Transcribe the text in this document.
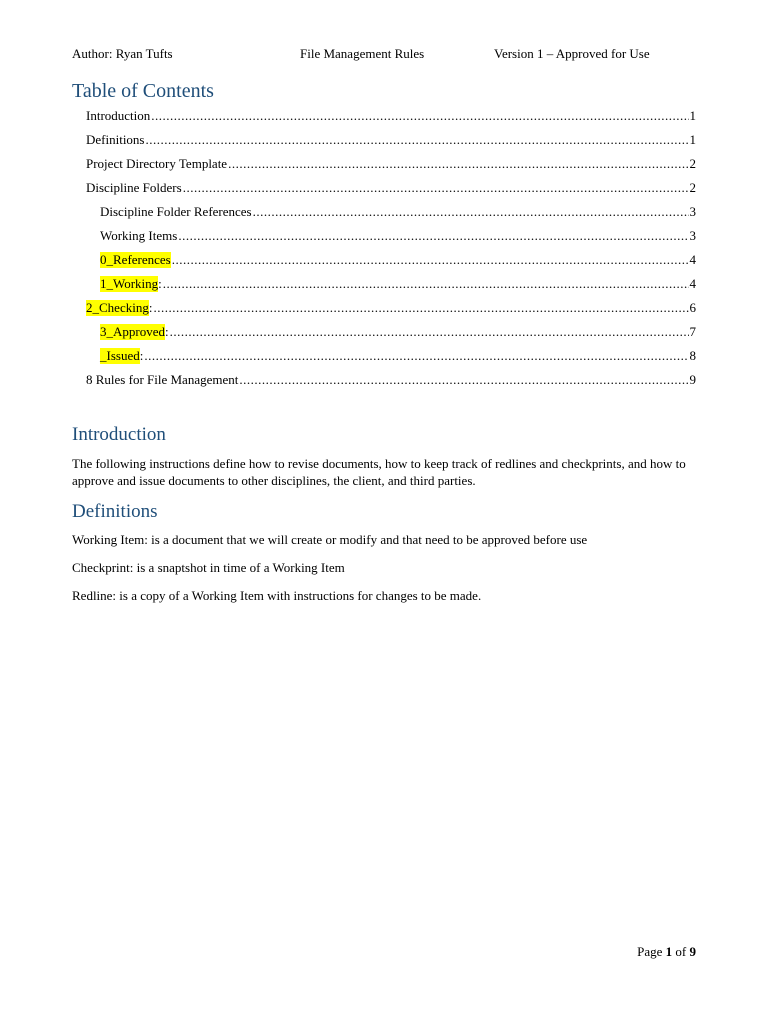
Author: Ryan Tufts	File Management Rules	Version 1 – Approved for Use
Table of Contents
Introduction .....	1
Definitions .....	1
Project Directory Template .....	2
Discipline Folders .....	2
Discipline Folder References .....	3
Working Items .....	3
0_References .....	4
1_Working : .....	4
2_Checking : .....	6
3_Approved : .....	7
_Issued : .....	8
8 Rules for File Management .....	9
Introduction

The following instructions define how to revise documents, how to keep track of redlines and checkprints, and how to approve and issue documents to other disciplines, the client, and third parties.

Definitions

Working Item: is a document that we will create or modify and that need to be approved before use

Checkprint: is a snaptshot in time of a Working Item

Redline: is a copy of a Working Item with instructions for changes to be made.

Page 1 of 9
